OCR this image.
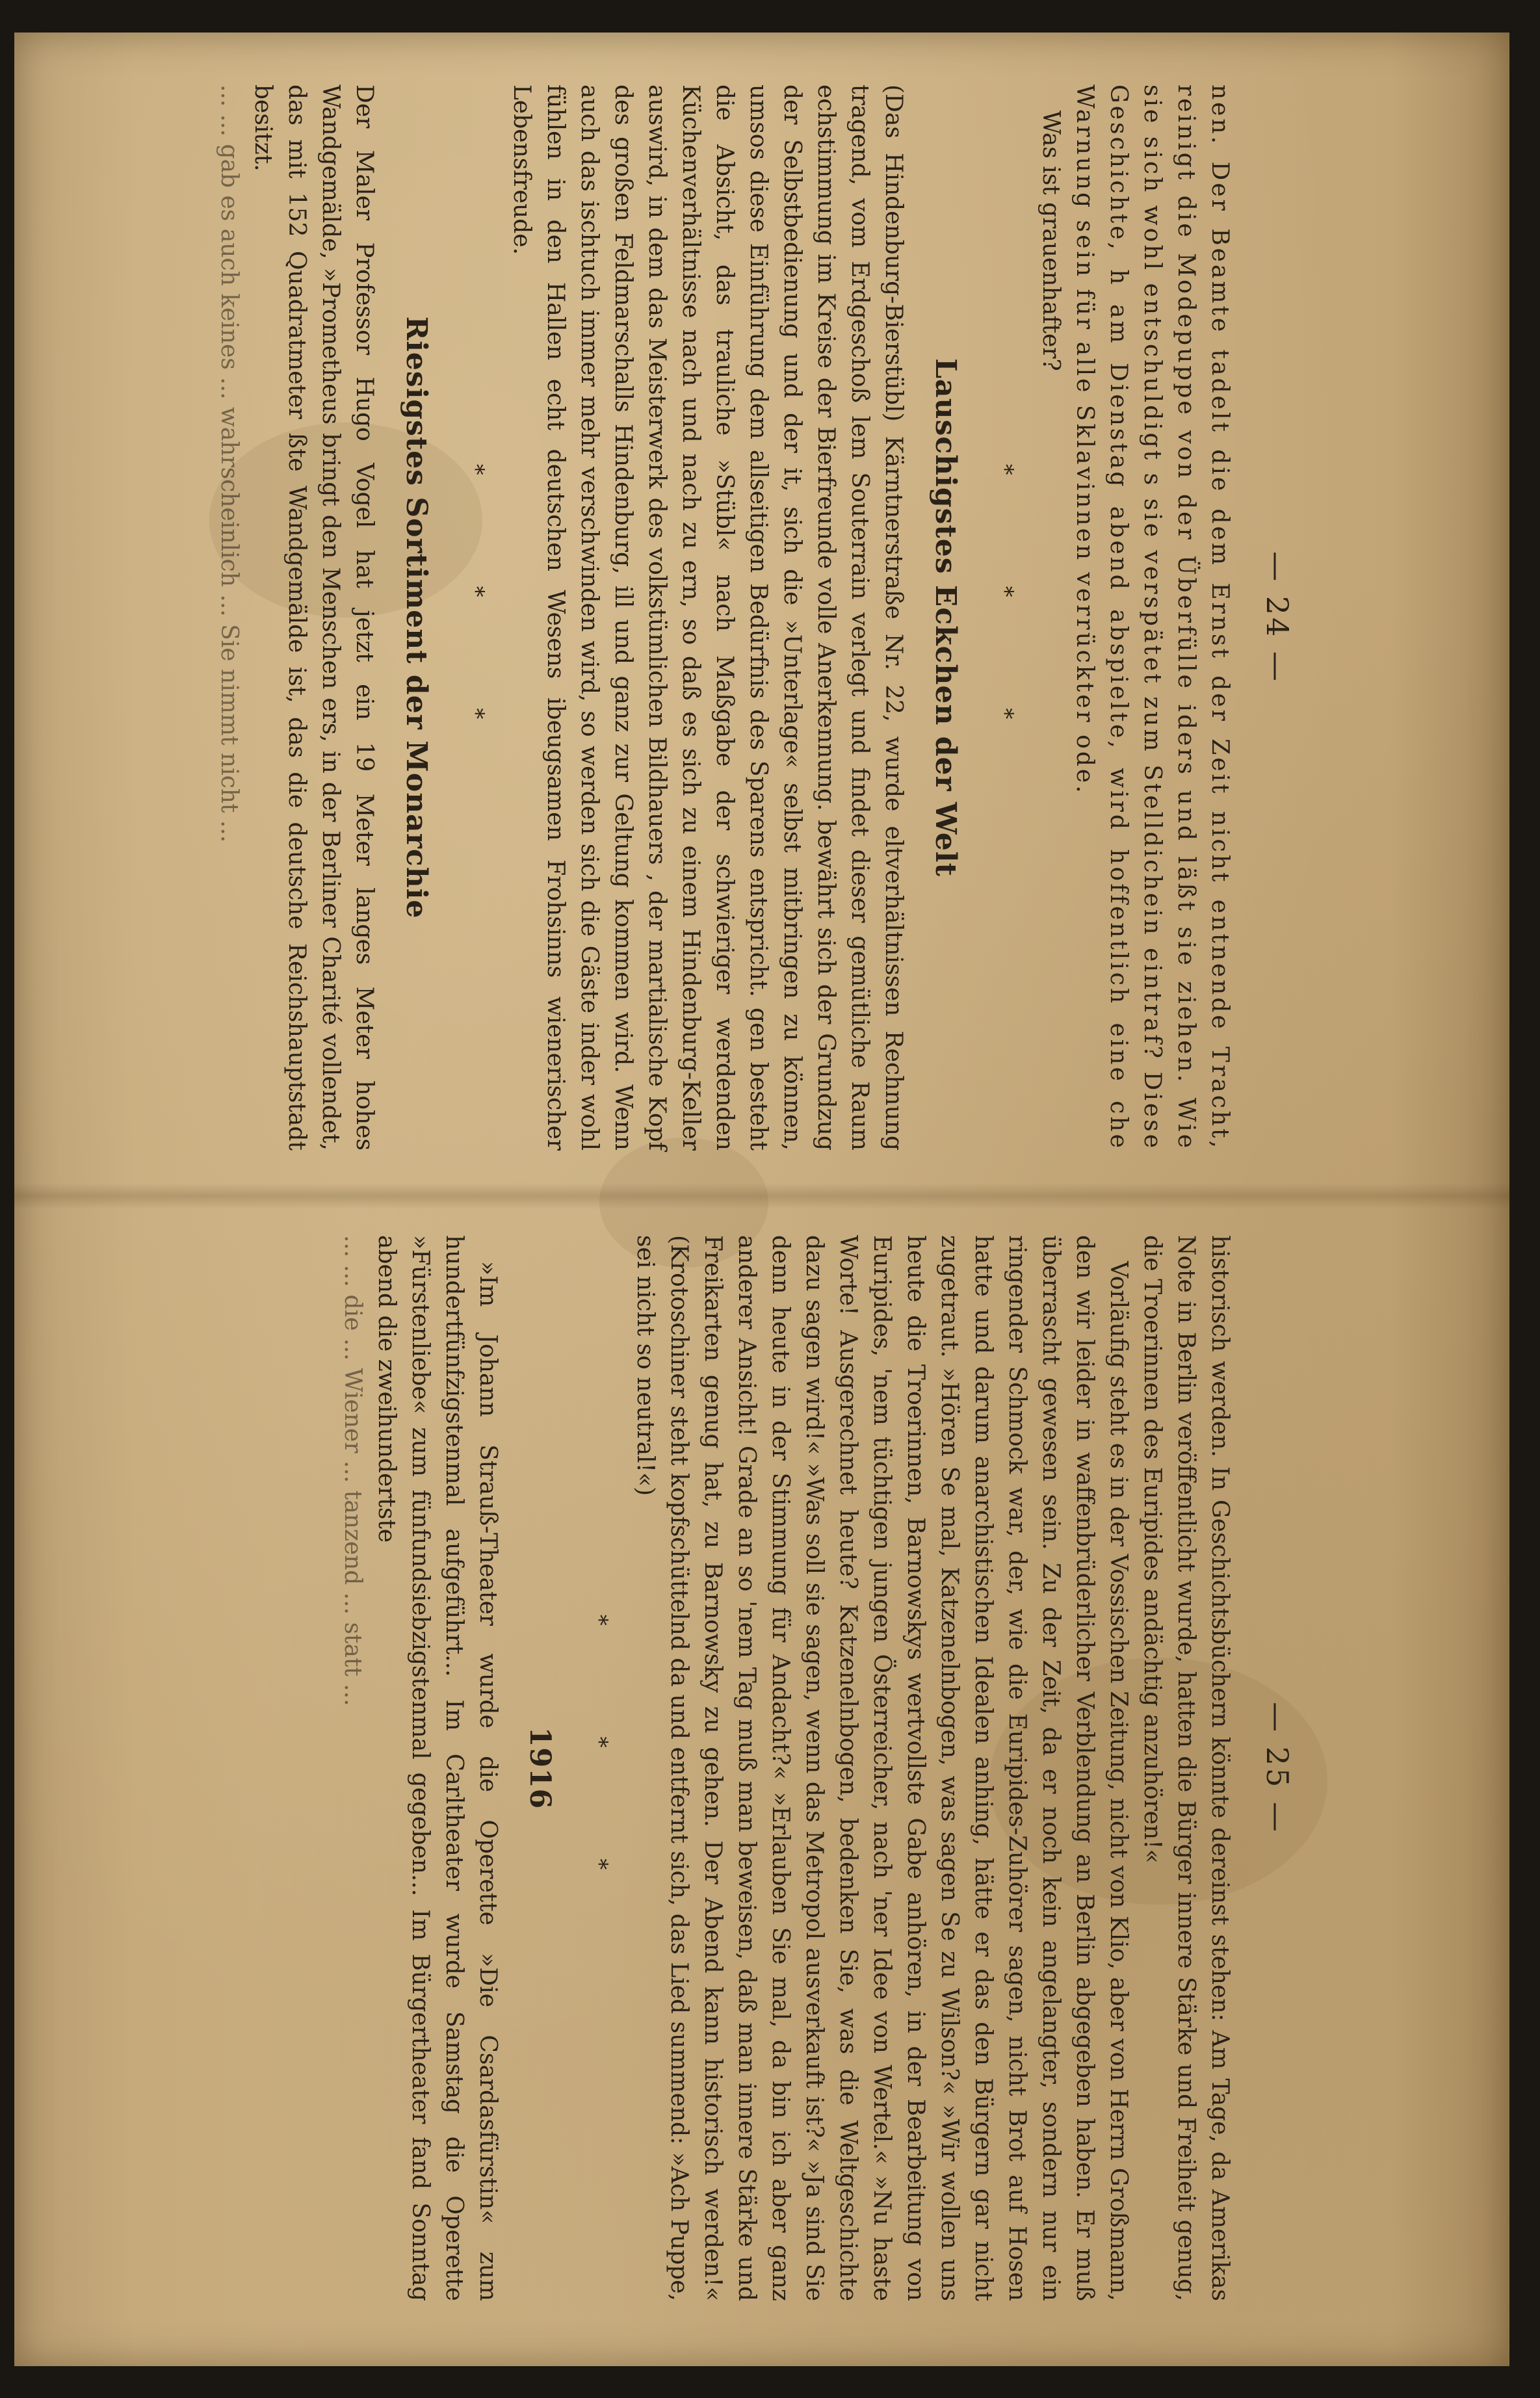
— 24 —

nen. Der Beamte tadelt die dem Ernst der Zeit nicht entnende Tracht, reinigt die Modepuppe von der Überfülle iders und läßt sie ziehen. Wie sie sich wohl entschuldigt s sie verspätet zum Stelldichein eintraf? Diese Geschichte, h am Dienstag abend abspielte, wird hoffentlich eine che Warnung sein für alle Sklavinnen verrückter ode.

Was ist grauenhafter?

* * *
Lauschigstes Eckchen der Welt

(Das Hindenburg-Bierstübl) Kärntnerstraße Nr. 22, wurde eltverhältnissen Rechnung tragend, vom Erdgeschoß lem Souterrain verlegt und findet dieser gemütliche Raum echstimmung im Kreise der Bierfreunde volle Anerkennung. bewährt sich der Grundzug der Selbstbedienung und der it, sich die »Unterlage« selbst mitbringen zu können, umsos diese Einführung dem allseitigen Bedürfnis des Sparens entspricht. gen besteht die Absicht, das trauliche »Stübl« nach Maßgabe der schwieriger werdenden Küchenverhältnisse nach und nach zu ern, so daß es sich zu einem Hindenburg-Keller auswird, in dem das Meisterwerk des volkstümlichen Bildhauers , der martialische Kopf des großen Feldmarschalls Hindenburg, ill und ganz zur Geltung kommen wird. Wenn auch das ischtuch immer mehr verschwinden wird, so werden sich die Gäste inder wohl fühlen in den Hallen echt deutschen Wesens ibeugsamen Frohsinns wienerischer Lebensfreude.

* * *
Riesigstes Sortiment der Monarchie

Der Maler Professor Hugo Vogel hat jetzt ein 19 Meter langes Meter hohes Wandgemälde, »Prometheus bringt den Menschen ers, in der Berliner Charité vollendet, das mit 152 Quadratmeter ßte Wandgemälde ist, das die deutsche Reichshauptstadt besitzt.

... ... gab es auch keines ... wahrscheinlich ... Sie nimmt nicht ...

— 25 —

historisch werden. In Geschichtsbüchern könnte dereinst stehen: Am Tage, da Amerikas Note in Berlin veröffentlicht wurde, hatten die Bürger innere Stärke und Freiheit genug, die Troerinnen des Euripides andächtig anzuhören!«

Vorläufig steht es in der Vossischen Zeitung, nicht von Klio, aber von Herrn Großmann, den wir leider in waffenbrüderlicher Verblendung an Berlin abgegeben haben. Er muß überrascht gewesen sein. Zu der Zeit, da er noch kein angelangter, sondern nur ein ringender Schmock war, der, wie die Euripides-Zuhörer sagen, nicht Brot auf Hosen hatte und darum anarchistischen Idealen anhing, hätte er das den Bürgern gar nicht zugetraut. »Hören Se mal, Katzenelnbogen, was sagen Se zu Wilson?« »Wir wollen uns heute die Troerinnen, Barnowskys wertvollste Gabe anhören, in der Bearbeitung von Euripides, 'nem tüchtigen jungen Österreicher, nach 'ner Idee von Wertel.« »Nu haste Worte! Ausgerechnet heute? Katzenelnbogen, bedenken Sie, was die Weltgeschichte dazu sagen wird!« »Was soll sie sagen, wenn das Metropol ausverkauft ist?« »Ja sind Sie denn heute in der Stimmung für Andacht?« »Erlauben Sie mal, da bin ich aber ganz anderer Ansicht! Grade an so 'nem Tag muß man beweisen, daß man innere Stärke und Freikarten genug hat, zu Barnowsky zu gehen. Der Abend kann historisch werden!« (Krotoschiner steht kopfschüttelnd da und entfernt sich, das Lied summend: »Ach Puppe, sei nicht so neutral!«)

* * *
1916

»Im Johann Strauß-Theater wurde die Operette »Die Csardasfürstin« zum hundertfünfzigstenmal aufgeführt... Im Carltheater wurde Samstag die Operette »Fürstenliebe« zum fünfundsiebzigstenmal gegeben... Im Bürgertheater fand Sonntag abend die zweihundertste

... ... die ... Wiener ... tanzend ... statt ...
